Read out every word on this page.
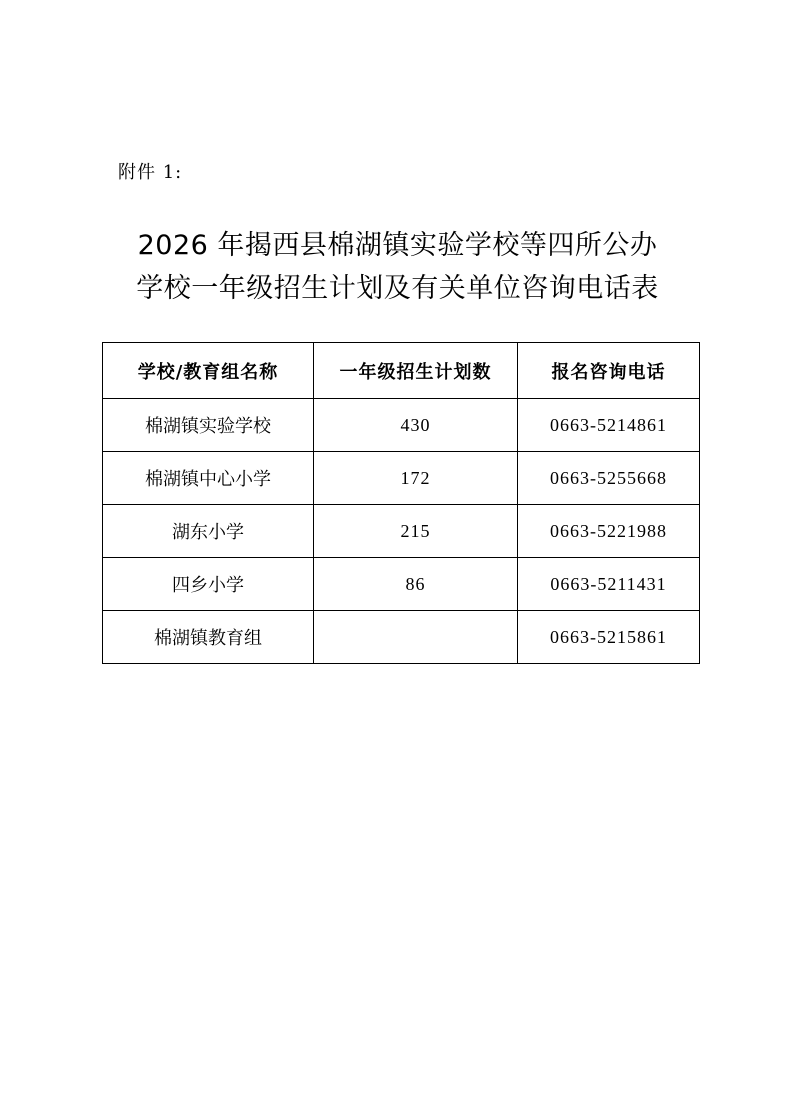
附件 1:
2026 年揭西县棉湖镇实验学校等四所公办
学校一年级招生计划及有关单位咨询电话表
学校/教育组名称	一年级招生计划数	报名咨询电话
棉湖镇实验学校	430	0663-5214861
棉湖镇中心小学	172	0663-5255668
湖东小学	215	0663-5221988
四乡小学	86	0663-5211431
棉湖镇教育组		0663-5215861
